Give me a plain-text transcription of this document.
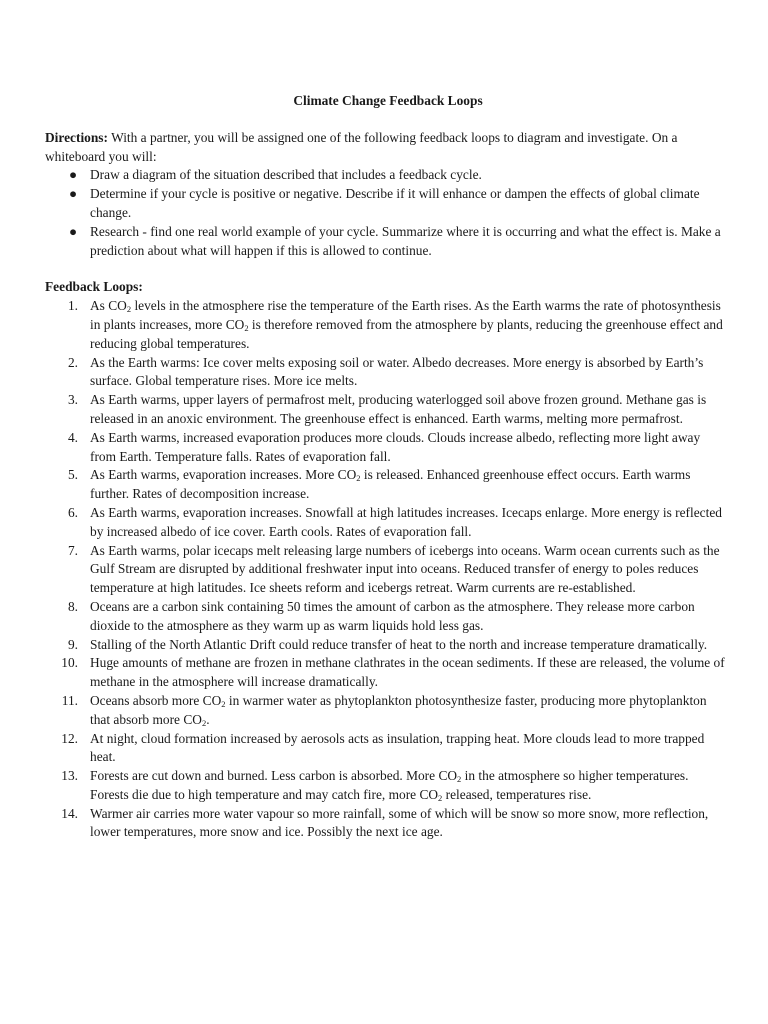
Climate Change Feedback Loops

Directions: With a partner, you will be assigned one of the following feedback loops to diagram and investigate. On a whiteboard you will:

● Draw a diagram of the situation described that includes a feedback cycle.
● Determine if your cycle is positive or negative. Describe if it will enhance or dampen the effects of global climate change.
● Research - find one real world example of your cycle. Summarize where it is occurring and what the effect is. Make a prediction about what will happen if this is allowed to continue.
Feedback Loops:
1. As $CO_2$ levels in the atmosphere rise the temperature of the Earth rises. As the Earth warms the rate of photosynthesis in plants increases, more $CO_2$ is therefore removed from the atmosphere by plants, reducing the greenhouse effect and reducing global temperatures.
2. As the Earth warms: Ice cover melts exposing soil or water. Albedo decreases. More energy is absorbed by Earth’s surface. Global temperature rises. More ice melts.
3. As Earth warms, upper layers of permafrost melt, producing waterlogged soil above frozen ground. Methane gas is released in an anoxic environment. The greenhouse effect is enhanced. Earth warms, melting more permafrost.
4. As Earth warms, increased evaporation produces more clouds. Clouds increase albedo, reflecting more light away from Earth. Temperature falls. Rates of evaporation fall.
5. As Earth warms, evaporation increases. More $CO_2$ is released. Enhanced greenhouse effect occurs. Earth warms further. Rates of decomposition increase.
6. As Earth warms, evaporation increases. Snowfall at high latitudes increases. Icecaps enlarge. More energy is reflected by increased albedo of ice cover. Earth cools. Rates of evaporation fall.
7. As Earth warms, polar icecaps melt releasing large numbers of icebergs into oceans. Warm ocean currents such as the Gulf Stream are disrupted by additional freshwater input into oceans. Reduced transfer of energy to poles reduces temperature at high latitudes. Ice sheets reform and icebergs retreat. Warm currents are re-established.
8. Oceans are a carbon sink containing 50 times the amount of carbon as the atmosphere. They release more carbon dioxide to the atmosphere as they warm up as warm liquids hold less gas.
9. Stalling of the North Atlantic Drift could reduce transfer of heat to the north and increase temperature dramatically.
10. Huge amounts of methane are frozen in methane clathrates in the ocean sediments. If these are released, the volume of methane in the atmosphere will increase dramatically.
11. Oceans absorb more $CO_2$ in warmer water as phytoplankton photosynthesize faster, producing more phytoplankton that absorb more $CO_2$.
12. At night, cloud formation increased by aerosols acts as insulation, trapping heat. More clouds lead to more trapped heat.
13. Forests are cut down and burned. Less carbon is absorbed. More $CO_2$ in the atmosphere so higher temperatures. Forests die due to high temperature and may catch fire, more $CO_2$ released, temperatures rise.
14. Warmer air carries more water vapour so more rainfall, some of which will be snow so more snow, more reflection, lower temperatures, more snow and ice. Possibly the next ice age.
